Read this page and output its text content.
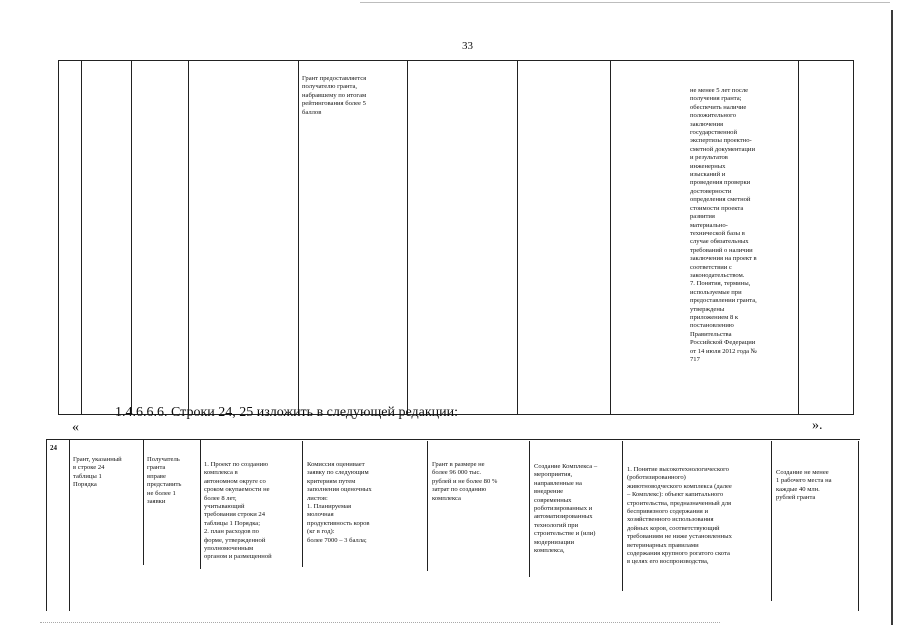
33
Грант предоставляется
получателю гранта,
набравшему по итогам
рейтингования более 5
баллов
не менее 5 лет после
получения гранта;
обеспечить наличие
положительного
заключения
государственной
экспертизы проектно-
сметной документации
и результатов
инженерных
изысканий и
проведения проверки
достоверности
определения сметной
стоимости проекта
развития
материально-
технической базы в
случае обязательных
требований о наличии
заключения на проект в
соответствии с
законодательством.
7. Понятия, термины,
используемые при
предоставлении гранта,
утверждены
приложением 8 к
постановлению
Правительства
Российской Федерации
от 14 июля 2012 года №
717
1.4.6.6.6. Строки 24, 25 изложить в следующей редакции:
«	».
24
Грант, указанный
в строке 24
таблицы 1
Порядка
Получатель
гранта
вправе
представить
не более 1
заявки
1. Проект по созданию
комплекса в
автономном округе со
сроком окупаемости не
более 8 лет,
учитывающий
требования строки 24
таблицы 1 Порядка;
2. план расходов по
форме, утвержденной
уполномоченным
органом и размещенной
Комиссия оценивает
заявку по следующим
критериям путем
заполнения оценочных
листов:
1. Планируемая
молочная
продуктивность коров
(кг в год):
более 7000 – 3 балла;
Грант в размере не
более 96 000 тыс.
рублей и не более 80 %
затрат по созданию
комплекса
Создание Комплекса –
мероприятия,
направленные на
внедрение
современных
роботизированных и
автоматизированных
технологий при
строительстве и (или)
модернизации
комплекса,
1. Понятие высокотехнологического
(роботизированного)
животноводческого комплекса (далее
– Комплекс): объект капитального
строительства, предназначенный для
беспривязного содержания и
хозяйственного использования
дойных коров, соответствующий
требованиям не ниже установленных
ветеринарных правилами
содержания крупного рогатого скота
в целях его воспроизводства,
Создание не менее
1 рабочего места на
каждые 40 млн.
рублей гранта
